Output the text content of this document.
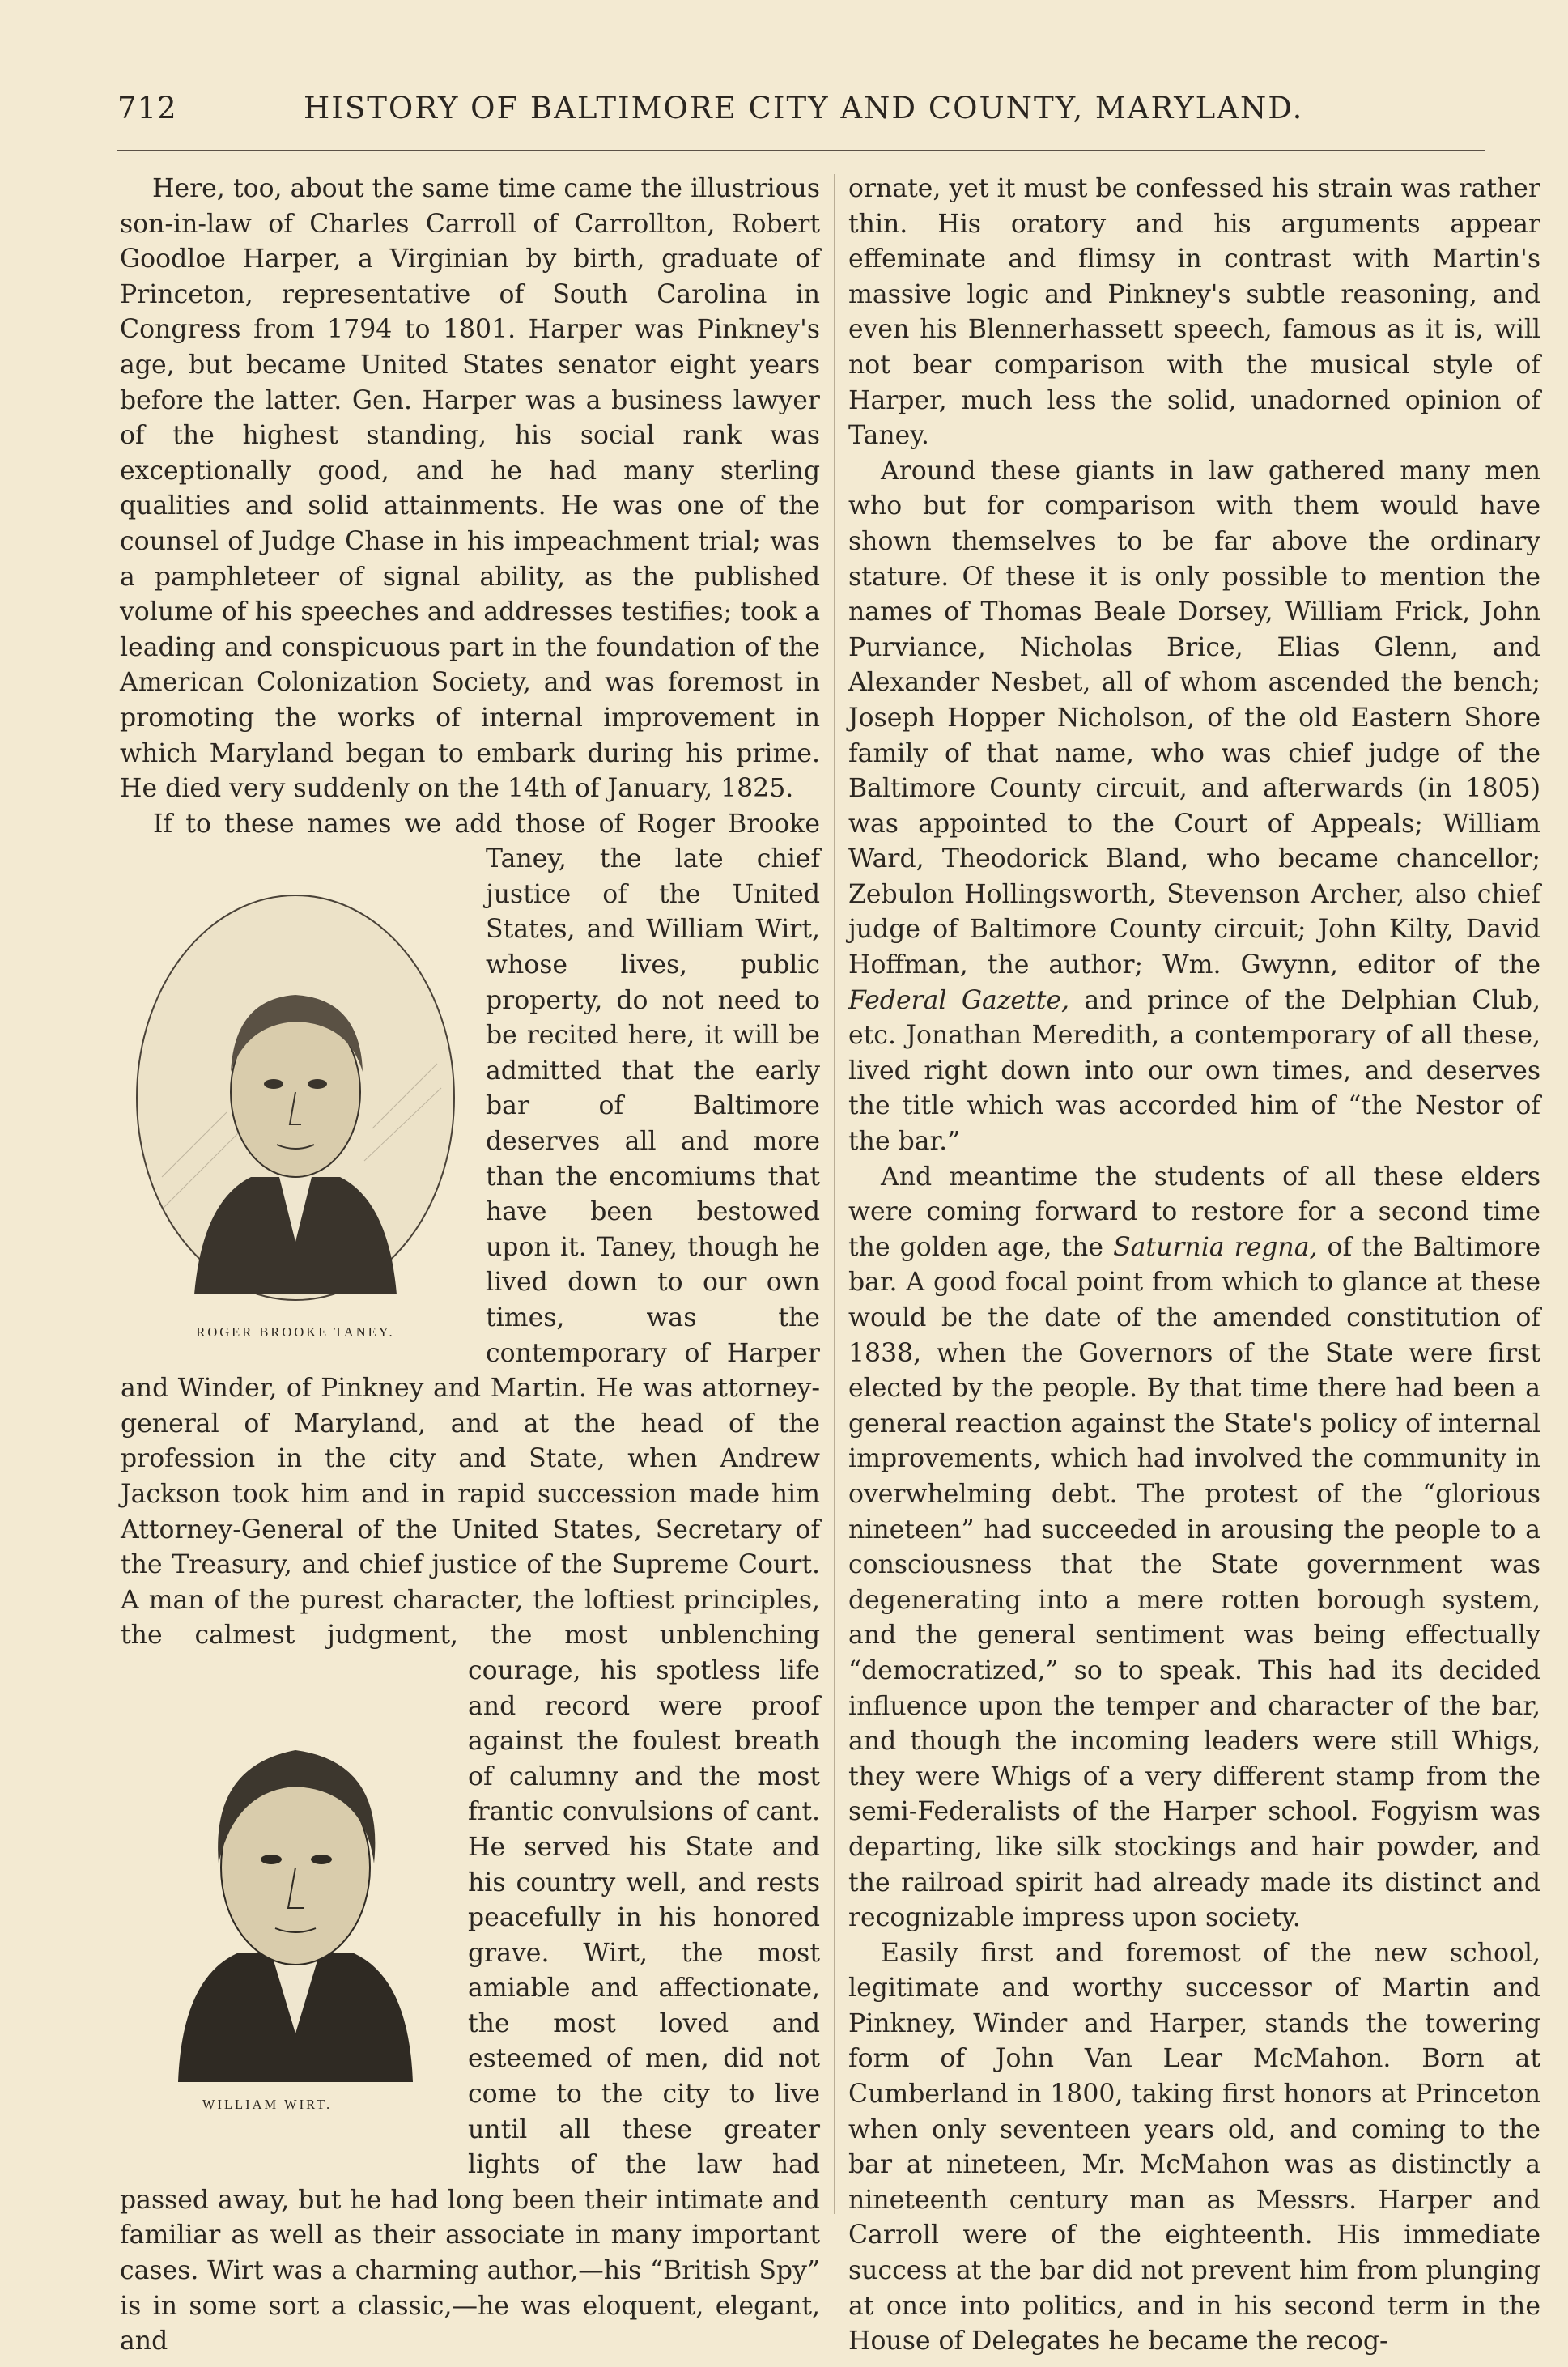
712	HISTORY OF BALTIMORE CITY AND COUNTY, MARYLAND.

Here, too, about the same time came the illustrious son-in-law of Charles Carroll of Carrollton, Robert Goodloe Harper, a Virginian by birth, graduate of Princeton, representative of South Carolina in Congress from 1794 to 1801. Harper was Pinkney's age, but became United States senator eight years before the latter. Gen. Harper was a business lawyer of the highest standing, his social rank was exceptionally good, and he had many sterling qualities and solid attainments. He was one of the counsel of Judge Chase in his impeachment trial; was a pamphleteer of signal ability, as the published volume of his speeches and addresses testifies; took a leading and conspicuous part in the foundation of the American Colonization Society, and was foremost in promoting the works of internal improvement in which Maryland began to embark during his prime. He died very suddenly on the 14th of January, 1825.

If to these names we add those of Roger Brooke Taney, the late chief justice of the United States, and William Wirt, whose lives, public property, do not need to be recited here, it will be admitted that the early bar of Baltimore deserves all and more than the encomiums that have been bestowed upon it. Taney, though he lived down to our own times, was the contemporary of Harper and Winder, of Pinkney and Martin. He was attorney-general of Maryland, and at the head of the profession in the city and State, when Andrew Jackson took him and in rapid succession made him Attorney-General of the United States, Secretary of the Treasury, and chief justice of the Supreme Court. A man of the purest character, the loftiest principles, the calmest judgment, the most unblenching courage, his spotless life and record were proof against the foulest breath of calumny and the most frantic convulsions of cant. He served his State and his country well, and rests peacefully in his honored grave. Wirt, the most amiable and affectionate, the most loved and esteemed of men, did not come to the city to live until all these greater lights of the law had passed away, but he had long been their intimate and familiar as well as their associate in many important cases. Wirt was a charming author,—his “British Spy” is in some sort a classic,—he was eloquent, elegant, and

ornate, yet it must be confessed his strain was rather thin. His oratory and his arguments appear effeminate and flimsy in contrast with Martin's massive logic and Pinkney's subtle reasoning, and even his Blennerhassett speech, famous as it is, will not bear comparison with the musical style of Harper, much less the solid, unadorned opinion of Taney.

Around these giants in law gathered many men who but for comparison with them would have shown themselves to be far above the ordinary stature. Of these it is only possible to mention the names of Thomas Beale Dorsey, William Frick, John Purviance, Nicholas Brice, Elias Glenn, and Alexander Nesbet, all of whom ascended the bench; Joseph Hopper Nicholson, of the old Eastern Shore family of that name, who was chief judge of the Baltimore County circuit, and afterwards (in 1805) was appointed to the Court of Appeals; William Ward, Theodorick Bland, who became chancellor; Zebulon Hollingsworth, Stevenson Archer, also chief judge of Baltimore County circuit; John Kilty, David Hoffman, the author; Wm. Gwynn, editor of the Federal Gazette, and prince of the Delphian Club, etc. Jonathan Meredith, a contemporary of all these, lived right down into our own times, and deserves the title which was accorded him of “the Nestor of the bar.”

And meantime the students of all these elders were coming forward to restore for a second time the golden age, the Saturnia regna, of the Baltimore bar. A good focal point from which to glance at these would be the date of the amended constitution of 1838, when the Governors of the State were first elected by the people. By that time there had been a general reaction against the State's policy of internal improvements, which had involved the community in overwhelming debt. The protest of the “glorious nineteen” had succeeded in arousing the people to a consciousness that the State government was degenerating into a mere rotten borough system, and the general sentiment was being effectually “democratized,” so to speak. This had its decided influence upon the temper and character of the bar, and though the incoming leaders were still Whigs, they were Whigs of a very different stamp from the semi-Federalists of the Harper school. Fogyism was departing, like silk stockings and hair powder, and the railroad spirit had already made its distinct and recognizable impress upon society.

Easily first and foremost of the new school, legitimate and worthy successor of Martin and Pinkney, Winder and Harper, stands the towering form of John Van Lear McMahon. Born at Cumberland in 1800, taking first honors at Princeton when only seventeen years old, and coming to the bar at nineteen, Mr. McMahon was as distinctly a nineteenth century man as Messrs. Harper and Carroll were of the eighteenth. His immediate success at the bar did not prevent him from plunging at once into politics, and in his second term in the House of Delegates he became the recog-

ROGER BROOKE TANEY.
WILLIAM WIRT.
